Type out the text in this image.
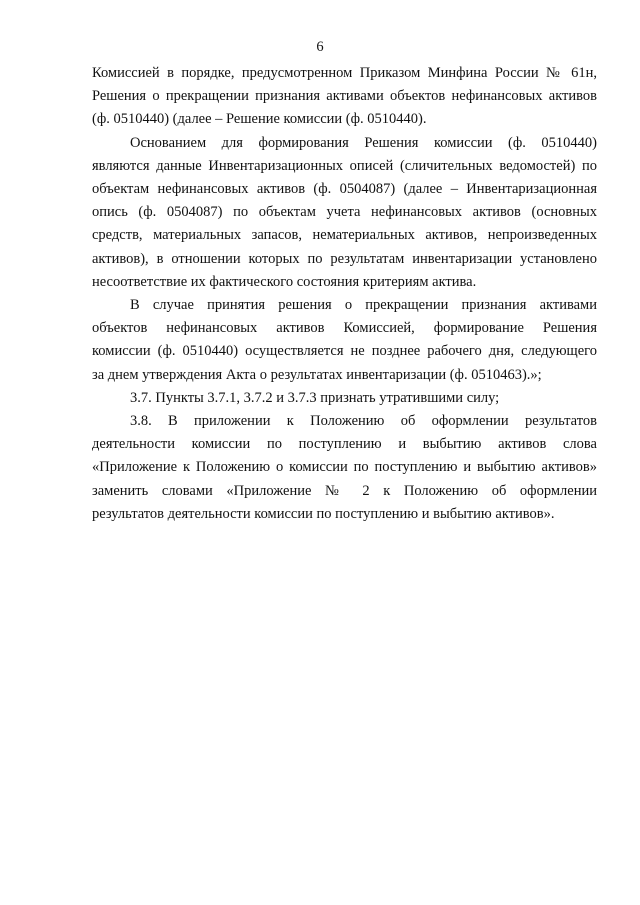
6

Комиссией в порядке, предусмотренном Приказом Минфина России № 61н,
Решения о прекращении признания активами объектов нефинансовых активов
(ф. 0510440) (далее – Решение комиссии (ф. 0510440).

Основанием для формирования Решения комиссии (ф. 0510440)
являются данные Инвентаризационных описей (сличительных ведомостей) по
объектам нефинансовых активов (ф. 0504087) (далее – Инвентаризационная
опись (ф. 0504087) по объектам учета нефинансовых активов (основных
средств, материальных запасов, нематериальных активов, непроизведенных
активов), в отношении которых по результатам инвентаризации установлено
несоответствие их фактического состояния критериям актива.

В случае принятия решения о прекращении признания активами
объектов нефинансовых активов Комиссией, формирование Решения
комиссии (ф. 0510440) осуществляется не позднее рабочего дня, следующего
за днем утверждения Акта о результатах инвентаризации (ф. 0510463).»;

3.7. Пункты 3.7.1, 3.7.2 и 3.7.3 признать утратившими силу;

3.8. В приложении к Положению об оформлении результатов
деятельности комиссии по поступлению и выбытию активов слова
«Приложение к Положению о комиссии по поступлению и выбытию активов»
заменить словами «Приложение № 2 к Положению об оформлении
результатов деятельности комиссии по поступлению и выбытию активов».
